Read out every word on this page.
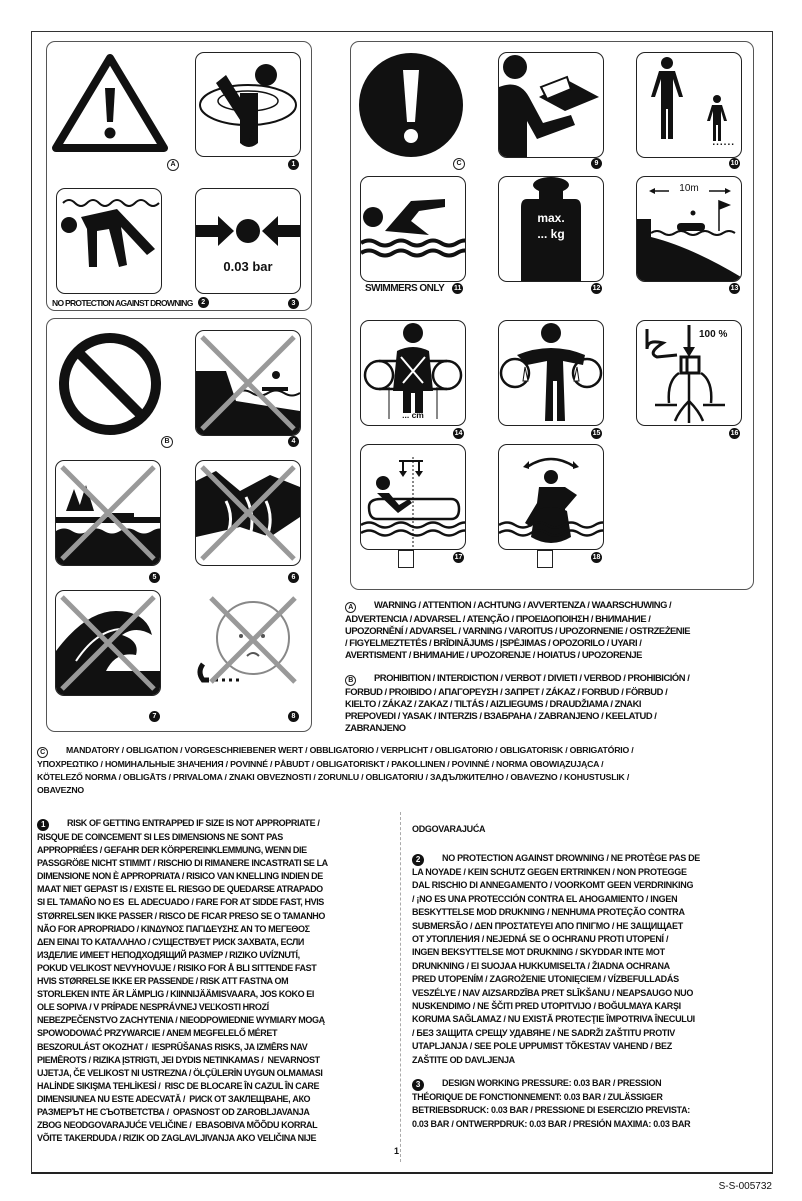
A	1
NO PROTECTION AGAINST DROWNING	2
0.03 bar
3
B	4
5	6
7	8
C	9
......
10
SWIMMERS ONLY 11
max.
... kg
12
10m
13
... cm
14	15
100 %
16
17	18
A WARNING / ATTENTION / ACHTUNG / AVVERTENZA / WAARSCHUWING /
ADVERTENCIA / ADVARSEL / ATENÇÃO / ΠΡΟΕΙΔΟΠΟΙΗΣΗ / ВНИМАНИЕ /
UPOZORNĚNÍ / ADVARSEL / VARNING / VAROITUS / UPOZORNENIE / OSTRZEŻENIE
/ FIGYELMEZTETÉS / BRĪDINĀJUMS / ĮSPĖJIMAS / OPOZORILO / UYARI /
AVERTISMENT / ВНИМАНИЕ / UPOZORENJE / HOIATUS / UPOZORENJE
B PROHIBITION / INTERDICTION / VERBOT / DIVIETI / VERBOD / PROHIBICIÓN /
FORBUD / PROIBIDO / ΑΠΑΓΟΡΕΥΣΗ / ЗАПРЕТ / ZÁKAZ / FORBUD / FÖRBUD /
KIELTO / ZÁKAZ / ZAKAZ / TILTÁS / AIZLIEGUMS / DRAUDŽIAMA / ZNAKI
PREPOVEDI / YASAK / INTERZIS / ВЗАБРАНА / ZABRANJENO / KEELATUD /
ZABRANJENO
C MANDATORY / OBLIGATION / VORGESCHRIEBENER WERT / OBBLIGATORIO / VERPLICHT / OBLIGATORIO / OBLIGATORISK / OBRIGATÓRIO /
ΥΠΟΧΡΕΩΤΙΚΟ / НОМИНАЛЬНЫЕ ЗНАЧЕНИЯ / POVINNÉ / PÅBUDT / OBLIGATORISKT / PAKOLLINEN / POVINNÉ / NORMA OBOWIĄZUJĄCA /
KÖTELEZŐ NORMA / OBLIGĀTS / PRIVALOMA / ZNAKI OBVEZNOSTI / ZORUNLU / OBLIGATORIU / ЗАДЪЛЖИТЕЛНО / OBAVEZNO / KOHUSTUSLIK /
OBAVEZNO
1 RISK OF GETTING ENTRAPPED IF SIZE IS NOT APPROPRIATE /
RISQUE DE COINCEMENT SI LES DIMENSIONS NE SONT PAS
APPROPRIÉES / GEFAHR DER KÖRPEREINKLEMMUNG, WENN DIE
PASSGRÖßE NICHT STIMMT / RISCHIO DI RIMANERE INCASTRATI SE LA
DIMENSIONE NON È APPROPRIATA / RISICO VAN KNELLING INDIEN DE
MAAT NIET GEPAST IS / EXISTE EL RIESGO DE QUEDARSE ATRAPADO
SI EL TAMAÑO NO ES  EL ADECUADO / FARE FOR AT SIDDE FAST, HVIS
STØRRELSEN IKKE PASSER / RISCO DE FICAR PRESO SE O TAMANHO
NÃO FOR APROPRIADO / ΚΙΝΔΥΝΟΣ ΠΑΓΙΔΕΥΣΗΣ ΑΝ ΤΟ ΜΕΓΕΘΟΣ
ΔΕΝ ΕΙΝΑΙ ΤΟ ΚΑΤΑΛΛΗΛΟ / СУЩЕСТВУЕТ РИСК ЗАХВАТА, ЕСЛИ
ИЗДЕЛИЕ ИМЕЕТ НЕПОДХОДЯЩИЙ РАЗМЕР / RIZIKO UVÍZNUTÍ,
POKUD VELIKOST NEVYHOVUJE / RISIKO FOR Å BLI SITTENDE FAST
HVIS STØRRELSE IKKE ER PASSENDE / RISK ATT FASTNA OM
STORLEKEN INTE ÄR LÄMPLIG / KIINNIJÄÄMISVAARA, JOS KOKO EI
OLE SOPIVA / V PRÍPADE NESPRÁVNEJ VEĽKOSTI HROZÍ
NEBEZPEČENSTVO ZACHYTENIA / NIEODPOWIEDNIE WYMIARY MOGĄ
SPOWODOWAĆ PRZYWARCIE / ANEM MEGFELELŐ MÉRET
BESZORULÁST OKOZHAT /  IESPRŪŠANAS RISKS, JA IZMĒRS NAV
PIEMĒROTS / RIZIKA ĮSTRIGTI, JEI DYDIS NETINKAMAS /  NEVARNOST
UJETJA, ČE VELIKOST NI USTREZNA / ÖLÇÜLERİN UYGUN OLMAMASI
HALİNDE SIKIŞMA TEHLİKESİ /  RISC DE BLOCARE ÎN CAZUL ÎN CARE
DIMENSIUNEA NU ESTE ADECVATĂ /  РИСК ОТ ЗАКЛЕЩВАНЕ, АКО
РАЗМЕРЪТ НЕ СЪОТВЕТСТВА /  OPASNOST OD ZAROBLJAVANJA
ZBOG NEODGOVARAJUĆE VELIČINE /  EBASOBIVA MÕÕDU KORRAL
VÕITE TAKERDUDA / RIZIK OD ZAGLAVLJIVANJA AKO VELIČINA NIJE
1
ODGOVARAJUĆA
2 NO PROTECTION AGAINST DROWNING / NE PROTÈGE PAS DE
LA NOYADE / KEIN SCHUTZ GEGEN ERTRINKEN / NON PROTEGGE
DAL RISCHIO DI ANNEGAMENTO / VOORKOMT GEEN VERDRINKING
/ ¡NO ES UNA PROTECCIÓN CONTRA EL AHOGAMIENTO / INGEN
BESKYTTELSE MOD DRUKNING / NENHUMA PROTEÇÃO CONTRA
SUBMERSÃO / ΔΕΝ ΠΡΟΣΤΑΤΕΥΕΙ ΑΠΟ ΠΝΙΓΜΟ / НЕ ЗАЩИЩАЕТ
ОТ УТОПЛЕНИЯ / NEJEDNÁ SE O OCHRANU PROTI UTOPENÍ /
INGEN BEKSYTTELSE MOT DRUKNING / SKYDDAR INTE MOT
DRUNKNING / EI SUOJAA HUKKUMISELTA / ŽIADNA OCHRANA
PRED UTOPENÍM / ZAGROŻENIE UTONIĘCIEM / VÍZBEFULLADÁS
VESZÉLYE / NAV AIZSARDZĪBA PRET SLĪKŠANU / NEAPSAUGO NUO
NUSKENDIMO / NE ŠČITI PRED UTOPITVIJO / BOĞULMAYA KARŞI
KORUMA SAĞLAMAZ / NU EXISTĂ PROTECŢIE ÎMPOTRIVA ÎNECULUI
/ БЕЗ ЗАЩИТА СРЕЩУ УДАВЯНЕ / NE SADRŽI ZAŠTITU PROTIV
UTAPLJANJA / SEE POLE UPPUMIST TÕKESTAV VAHEND / BEZ
ZAŠTITE OD DAVLJENJA
3 DESIGN WORKING PRESSURE: 0.03 BAR / PRESSION
THÉORIQUE DE FONCTIONNEMENT: 0.03 BAR / ZULÄSSIGER
BETRIEBSDRUCK: 0.03 BAR / PRESSIONE DI ESERCIZIO PREVISTA:
0.03 BAR / ONTWERPDRUK: 0.03 BAR / PRESIÓN MAXIMA: 0.03 BAR
S-S-005732
